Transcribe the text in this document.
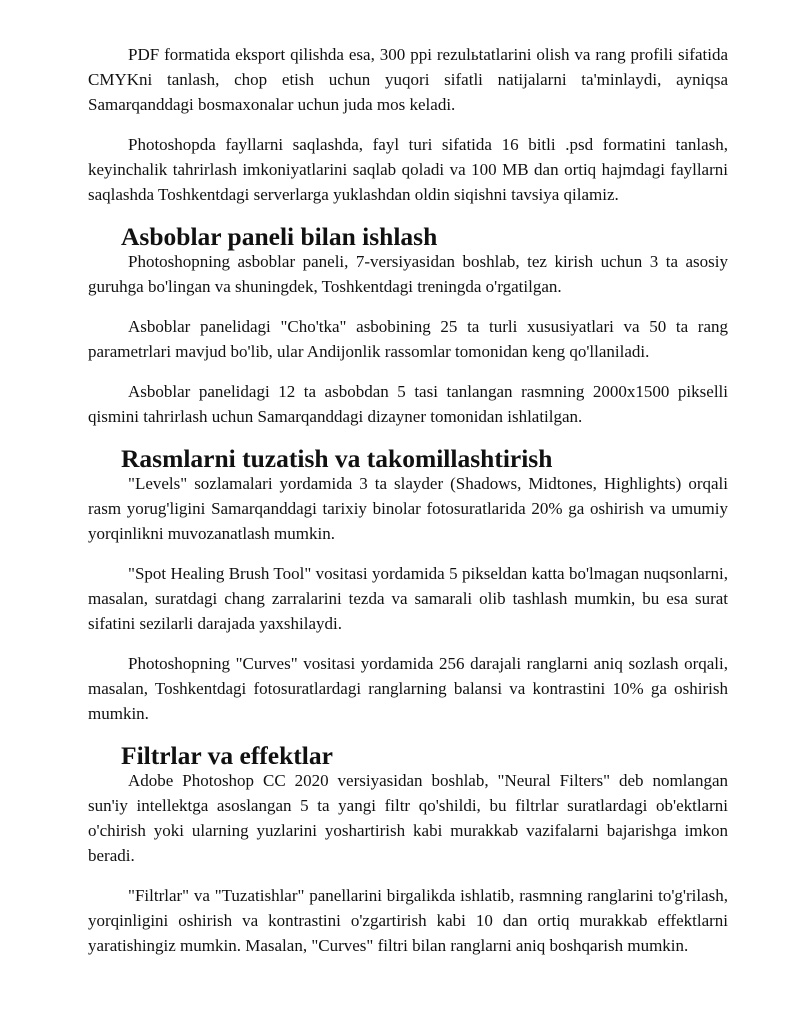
PDF formatida eksport qilishda esa, 300 ppi rezulьtatlarini olish va rang profili sifatida CMYKni tanlash, chop etish uchun yuqori sifatli natijalarni ta'minlaydi, ayniqsa Samarqanddagi bosmaxonalar uchun juda mos keladi.

Photoshopda fayllarni saqlashda, fayl turi sifatida 16 bitli .psd formatini tanlash, keyinchalik tahrirlash imkoniyatlarini saqlab qoladi va 100 MB dan ortiq hajmdagi fayllarni saqlashda Toshkentdagi serverlarga yuklashdan oldin siqishni tavsiya qilamiz.

Asboblar paneli bilan ishlash

Photoshopning asboblar paneli, 7-versiyasidan boshlab, tez kirish uchun 3 ta asosiy guruhga bo'lingan va shuningdek, Toshkentdagi treningda o'rgatilgan.

Asboblar panelidagi "Cho'tka" asbobining 25 ta turli xususiyatlari va 50 ta rang parametrlari mavjud bo'lib, ular Andijonlik rassomlar tomonidan keng qo'llaniladi.

Asboblar panelidagi 12 ta asbobdan 5 tasi tanlangan rasmning 2000x1500 pikselli qismini tahrirlash uchun Samarqanddagi dizayner tomonidan ishlatilgan.

Rasmlarni tuzatish va takomillashtirish

"Levels" sozlamalari yordamida 3 ta slayder (Shadows, Midtones, Highlights) orqali rasm yorug'ligini Samarqanddagi tarixiy binolar fotosuratlarida 20% ga oshirish va umumiy yorqinlikni muvozanatlash mumkin.

"Spot Healing Brush Tool" vositasi yordamida 5 pikseldan katta bo'lmagan nuqsonlarni, masalan, suratdagi chang zarralarini tezda va samarali olib tashlash mumkin, bu esa surat sifatini sezilarli darajada yaxshilaydi.

Photoshopning "Curves" vositasi yordamida 256 darajali ranglarni aniq sozlash orqali, masalan, Toshkentdagi fotosuratlardagi ranglarning balansi va kontrastini 10% ga oshirish mumkin.

Filtrlar va effektlar

Adobe Photoshop CC 2020 versiyasidan boshlab, "Neural Filters" deb nomlangan sun'iy intellektga asoslangan 5 ta yangi filtr qo'shildi, bu filtrlar suratlardagi ob'ektlarni o'chirish yoki ularning yuzlarini yoshartirish kabi murakkab vazifalarni bajarishga imkon beradi.

"Filtrlar" va "Tuzatishlar" panellarini birgalikda ishlatib, rasmning ranglarini to'g'rilash, yorqinligini oshirish va kontrastini o'zgartirish kabi 10 dan ortiq murakkab effektlarni yaratishingiz mumkin. Masalan, "Curves" filtri bilan ranglarni aniq boshqarish mumkin.
